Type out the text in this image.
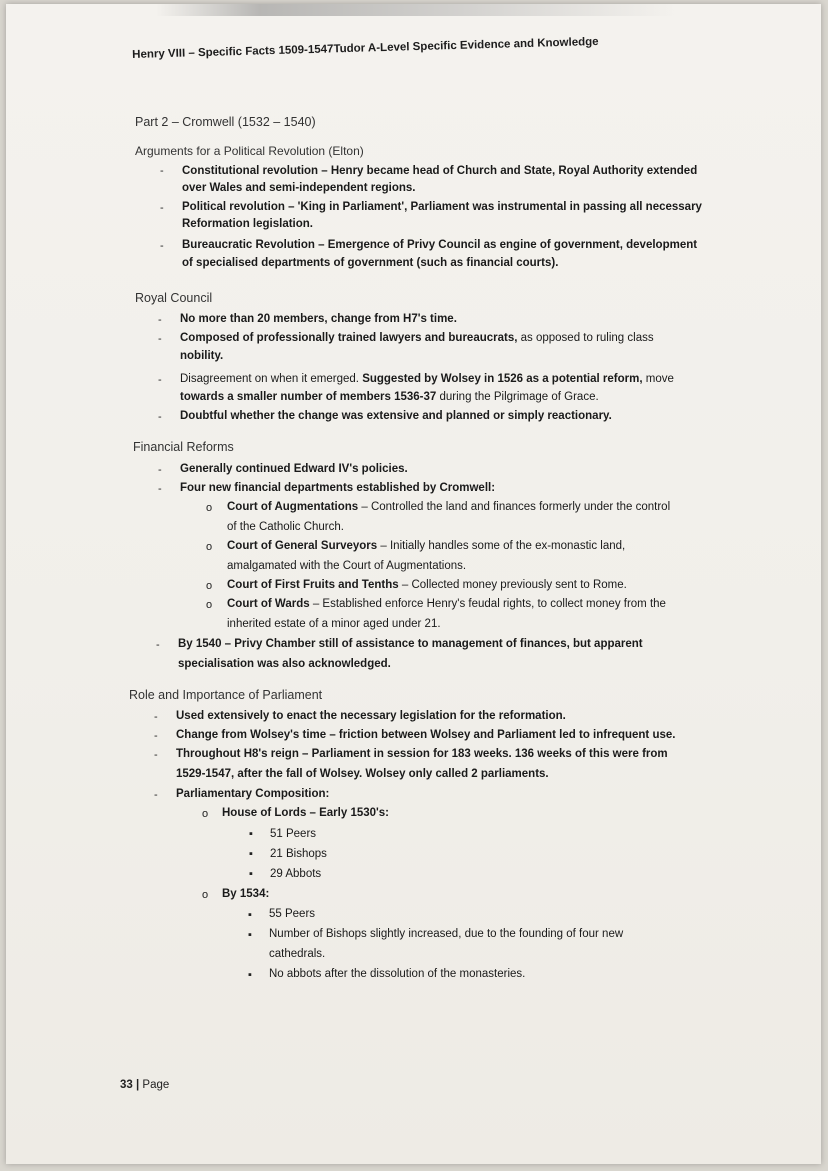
Henry VIII – Specific Facts 1509-1547Tudor A-Level Specific Evidence and Knowledge
Part 2 – Cromwell (1532 – 1540)
Arguments for a Political Revolution (Elton)
- Constitutional revolution – Henry became head of Church and State, Royal Authority extended
over Wales and semi-independent regions.
- Political revolution – 'King in Parliament', Parliament was instrumental in passing all necessary
Reformation legislation.
- Bureaucratic Revolution – Emergence of Privy Council as engine of government, development
of specialised departments of government (such as financial courts).
Royal Council
- No more than 20 members, change from H7's time.
- Composed of professionally trained lawyers and bureaucrats, as opposed to ruling class
nobility.
- Disagreement on when it emerged. Suggested by Wolsey in 1526 as a potential reform, move
towards a smaller number of members 1536-37 during the Pilgrimage of Grace.
- Doubtful whether the change was extensive and planned or simply reactionary.
Financial Reforms
- Generally continued Edward IV's policies.
- Four new financial departments established by Cromwell:
o Court of Augmentations – Controlled the land and finances formerly under the control
of the Catholic Church.
o Court of General Surveyors – Initially handles some of the ex-monastic land,
amalgamated with the Court of Augmentations.
o Court of First Fruits and Tenths – Collected money previously sent to Rome.
o Court of Wards – Established enforce Henry's feudal rights, to collect money from the
inherited estate of a minor aged under 21.
- By 1540 – Privy Chamber still of assistance to management of finances, but apparent
specialisation was also acknowledged.
Role and Importance of Parliament
- Used extensively to enact the necessary legislation for the reformation.
- Change from Wolsey's time – friction between Wolsey and Parliament led to infrequent use.
- Throughout H8's reign – Parliament in session for 183 weeks. 136 weeks of this were from
1529-1547, after the fall of Wolsey. Wolsey only called 2 parliaments.
- Parliamentary Composition:
o House of Lords – Early 1530's:
▪ 51 Peers
▪ 21 Bishops
▪ 29 Abbots
o By 1534:
▪ 55 Peers
▪ Number of Bishops slightly increased, due to the founding of four new
cathedrals.
▪ No abbots after the dissolution of the monasteries.
33 | Page
